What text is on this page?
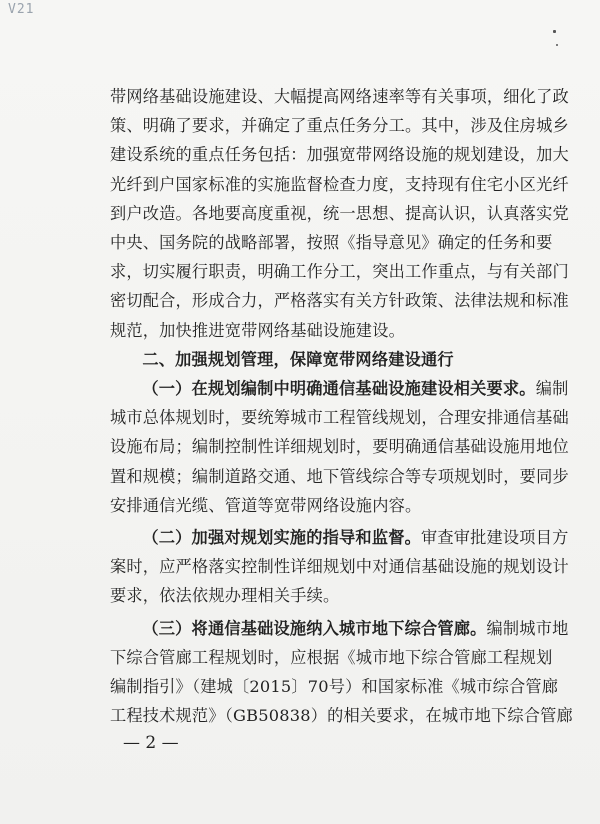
V21

带网络基础设施建设、大幅提高网络速率等有关事项，细化了政
策、明确了要求，并确定了重点任务分工。其中，涉及住房城乡
建设系统的重点任务包括：加强宽带网络设施的规划建设，加大
光纤到户国家标准的实施监督检查力度，支持现有住宅小区光纤
到户改造。各地要高度重视，统一思想、提高认识，认真落实党
中央、国务院的战略部署，按照《指导意见》确定的任务和要
求，切实履行职责，明确工作分工，突出工作重点，与有关部门
密切配合，形成合力，严格落实有关方针政策、法律法规和标准
规范，加快推进宽带网络基础设施建设。

二、加强规划管理，保障宽带网络建设通行

（一）在规划编制中明确通信基础设施建设相关要求。编制
城市总体规划时，要统筹城市工程管线规划，合理安排通信基础
设施布局；编制控制性详细规划时，要明确通信基础设施用地位
置和规模；编制道路交通、地下管线综合等专项规划时，要同步
安排通信光缆、管道等宽带网络设施内容。

（二）加强对规划实施的指导和监督。审查审批建设项目方
案时，应严格落实控制性详细规划中对通信基础设施的规划设计
要求，依法依规办理相关手续。

（三）将通信基础设施纳入城市地下综合管廊。编制城市地
下综合管廊工程规划时，应根据《城市地下综合管廊工程规划
编制指引》（建城〔2015〕70号）和国家标准《城市综合管廊
工程技术规范》（GB50838）的相关要求，在城市地下综合管廊

— 2 —
